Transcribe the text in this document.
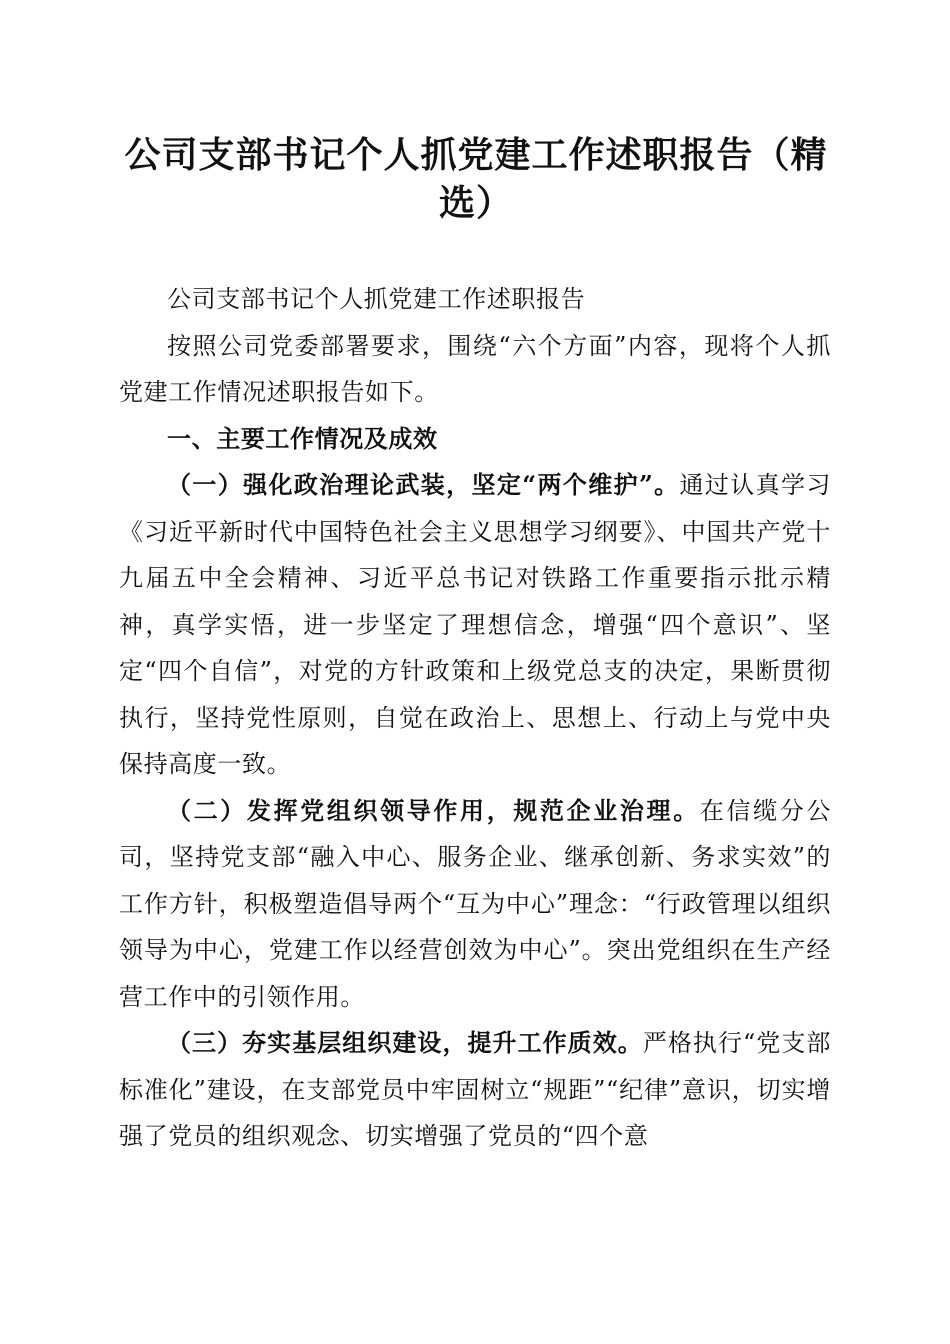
公司支部书记个人抓党建工作述职报告（精选）

公司支部书记个人抓党建工作述职报告

按照公司党委部署要求，围绕“六个方面”内容，现将个人抓党建工作情况述职报告如下。

一、主要工作情况及成效

（一）强化政治理论武装，坚定“两个维护”。通过认真学习《习近平新时代中国特色社会主义思想学习纲要》、中国共产党十九届五中全会精神、习近平总书记对铁路工作重要指示批示精神，真学实悟，进一步坚定了理想信念，增强“四个意识”、坚定“四个自信”，对党的方针政策和上级党总支的决定，果断贯彻执行，坚持党性原则，自觉在政治上、思想上、行动上与党中央保持高度一致。

（二）发挥党组织领导作用，规范企业治理。在信缆分公司，坚持党支部“融入中心、服务企业、继承创新、务求实效”的工作方针，积极塑造倡导两个“互为中心”理念：“行政管理以组织领导为中心，党建工作以经营创效为中心”。突出党组织在生产经营工作中的引领作用。

（三）夯实基层组织建设，提升工作质效。严格执行“党支部标准化”建设，在支部党员中牢固树立“规距”“纪律”意识，切实增强了党员的组织观念、切实增强了党员的“四个意
